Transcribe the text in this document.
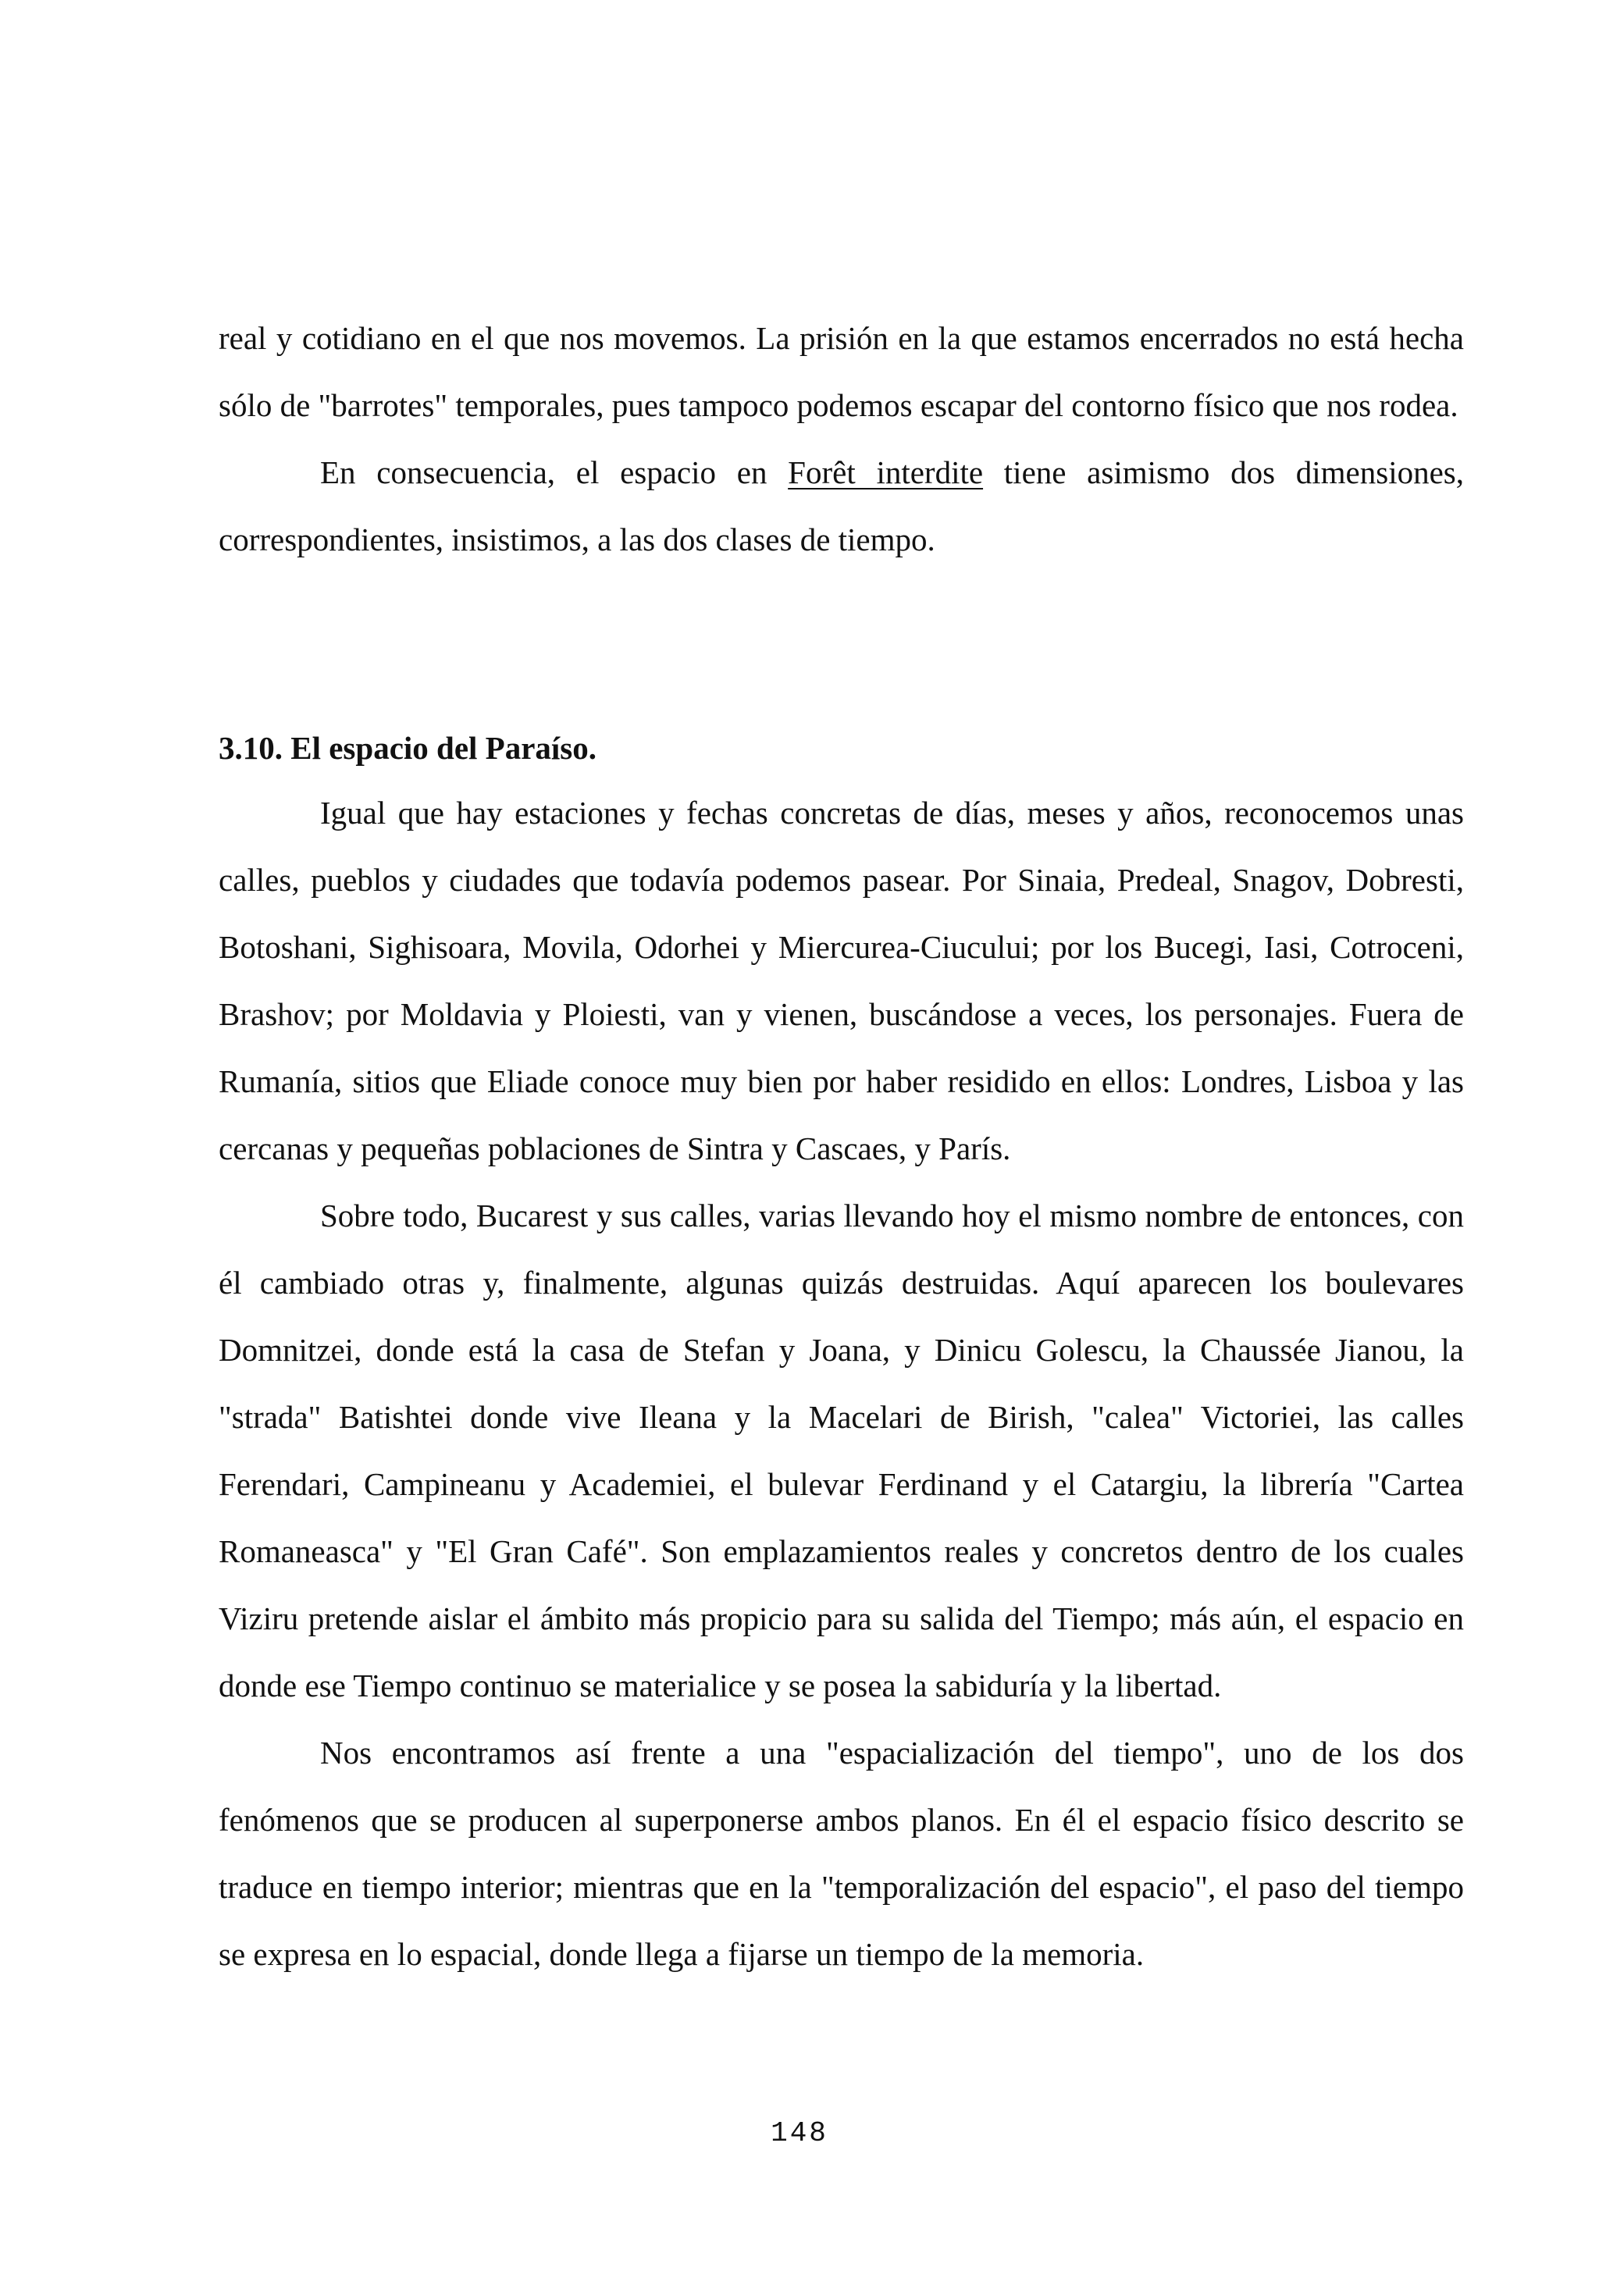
real y cotidiano en el que nos movemos. La prisión en la que estamos encerrados no está hecha sólo de "barrotes" temporales, pues tampoco podemos escapar del contorno físico que nos rodea.

En consecuencia, el espacio en Forêt interdite tiene asimismo dos dimensiones, correspondientes, insistimos, a las dos clases de tiempo.

3.10. El espacio del Paraíso.

Igual que hay estaciones y fechas concretas de días, meses y años, reconocemos unas calles, pueblos y ciudades que todavía podemos pasear. Por Sinaia, Predeal, Snagov, Dobresti, Botoshani, Sighisoara, Movila, Odorhei y Miercurea-Ciucului; por los Bucegi, Iasi, Cotroceni, Brashov; por Moldavia y Ploiesti, van y vienen, buscándose a veces, los personajes. Fuera de Rumanía, sitios que Eliade conoce muy bien por haber residido en ellos: Londres, Lisboa y las cercanas y pequeñas poblaciones de Sintra y Cascaes, y París.

Sobre todo, Bucarest y sus calles, varias llevando hoy el mismo nombre de entonces, con él cambiado otras y, finalmente, algunas quizás destruidas. Aquí aparecen los boulevares Domnitzei, donde está la casa de Stefan y Joana, y Dinicu Golescu, la Chaussée Jianou, la "strada" Batishtei donde vive Ileana y la Macelari de Birish, "calea" Victoriei, las calles Ferendari, Campineanu y Academiei, el bulevar Ferdinand y el Catargiu, la librería "Cartea Romaneasca" y "El Gran Café". Son emplazamientos reales y concretos dentro de los cuales Viziru pretende aislar el ámbito más propicio para su salida del Tiempo; más aún, el espacio en donde ese Tiempo continuo se materialice y se posea la sabiduría y la libertad.

Nos encontramos así frente a una "espacialización del tiempo", uno de los dos fenómenos que se producen al superponerse ambos planos. En él el espacio físico descrito se traduce en tiempo interior; mientras que en la "temporalización del espacio", el paso del tiempo se expresa en lo espacial, donde llega a fijarse un tiempo de la memoria.

148
